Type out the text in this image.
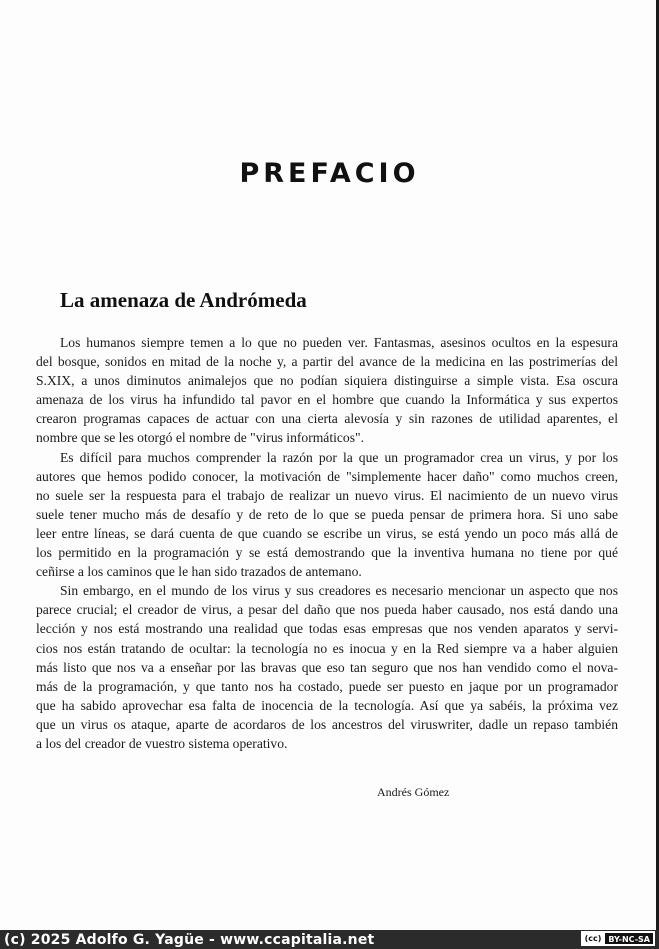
PREFACIO
La amenaza de Andrómeda
Los humanos siempre temen a lo que no pueden ver. Fantasmas, asesinos ocultos en la espesura
del bosque, sonidos en mitad de la noche y, a partir del avance de la medicina en las postrimerías del
S.XIX, a unos diminutos animalejos que no podían siquiera distinguirse a simple vista. Esa oscura
amenaza de los virus ha infundido tal pavor en el hombre que cuando la Informática y sus expertos
crearon programas capaces de actuar con una cierta alevosía y sin razones de utilidad aparentes, el
nombre que se les otorgó el nombre de "virus informáticos".
Es difícil para muchos comprender la razón por la que un programador crea un virus, y por los
autores que hemos podido conocer, la motivación de "simplemente hacer daño" como muchos creen,
no suele ser la respuesta para el trabajo de realizar un nuevo virus. El nacimiento de un nuevo virus
suele tener mucho más de desafío y de reto de lo que se pueda pensar de primera hora. Si uno sabe
leer entre líneas, se dará cuenta de que cuando se escribe un virus, se está yendo un poco más allá de
los permitido en la programación y se está demostrando que la inventiva humana no tiene por qué
ceñirse a los caminos que le han sido trazados de antemano.
Sin embargo, en el mundo de los virus y sus creadores es necesario mencionar un aspecto que nos
parece crucial; el creador de virus, a pesar del daño que nos pueda haber causado, nos está dando una
lección y nos está mostrando una realidad que todas esas empresas que nos venden aparatos y servi-
cios nos están tratando de ocultar: la tecnología no es inocua y en la Red siempre va a haber alguien
más listo que nos va a enseñar por las bravas que eso tan seguro que nos han vendido como el nova-
más de la programación, y que tanto nos ha costado, puede ser puesto en jaque por un programador
que ha sabido aprovechar esa falta de inocencia de la tecnología. Así que ya sabéis, la próxima vez
que un virus os ataque, aparte de acordaros de los ancestros del viruswriter, dadle un repaso también
a los del creador de vuestro sistema operativo.
Andrés Gómez
(c) 2025 Adolfo G. Yagüe - www.ccapitalia.net	(cc) BY-NC-SA
